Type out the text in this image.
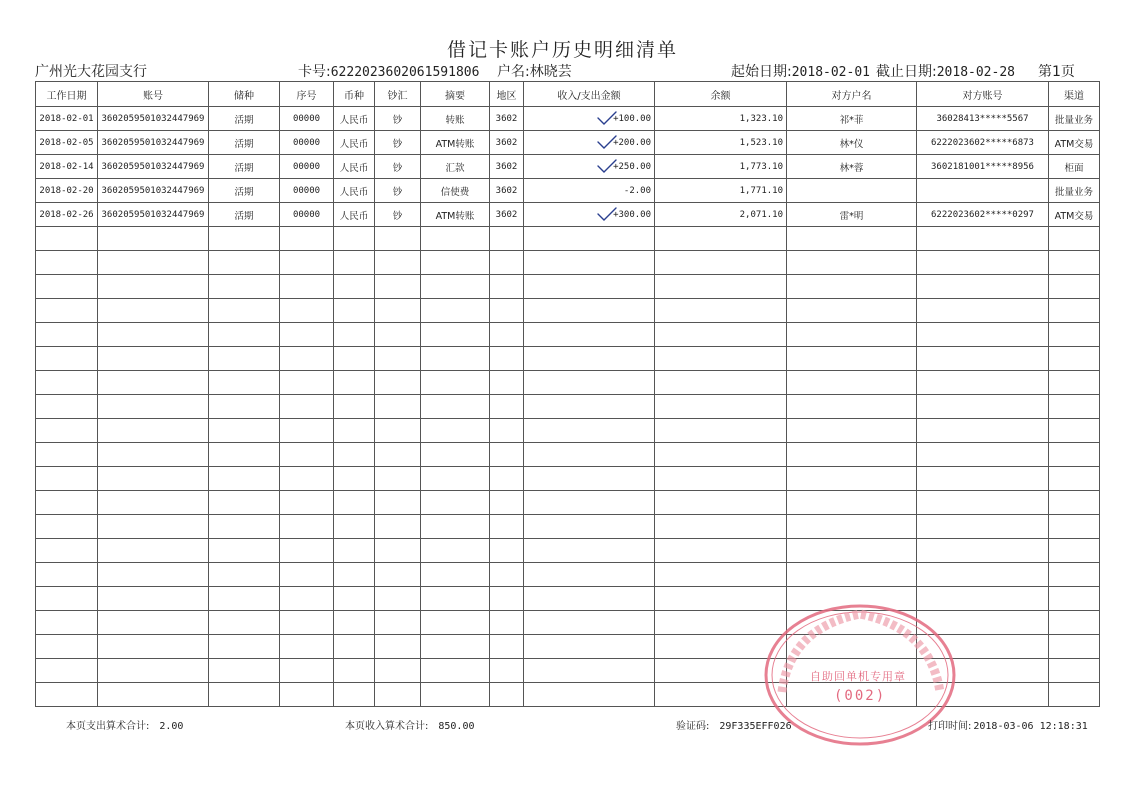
借记卡账户历史明细清单
广州光大花园支行	卡号:6222023602061591806 户名:林晓芸	起始日期:2018-02-01 截止日期:2018-02-28 第1页
工作日期	账号	储种	序号	币种	钞汇	摘要	地区	收入/支出金额	余额	对方户名	对方账号	渠道
2018-02-01	3602059501032447969	活期	00000	人民币	钞	转账	3602	+100.00	1,323.10	祁*菲	36028413*****5567	批量业务
2018-02-05	3602059501032447969	活期	00000	人民币	钞	ATM转账	3602	+200.00	1,523.10	林*仪	6222023602*****6873	ATM交易
2018-02-14	3602059501032447969	活期	00000	人民币	钞	汇款	3602	+250.00	1,773.10	林*蓉	3602181001*****8956	柜面
2018-02-20	3602059501032447969	活期	00000	人民币	钞	信使费	3602	-2.00	1,771.10			批量业务
2018-02-26	3602059501032447969	活期	00000	人民币	钞	ATM转账	3602	+300.00	2,071.10	雷*明	6222023602*****0297	ATM交易

自助回单机专用章
(002)
本页支出算术合计: 2.00	本页收入算术合计: 850.00	验证码: 29F335EFF026	打印时间: 2018-03-06 12:18:31
